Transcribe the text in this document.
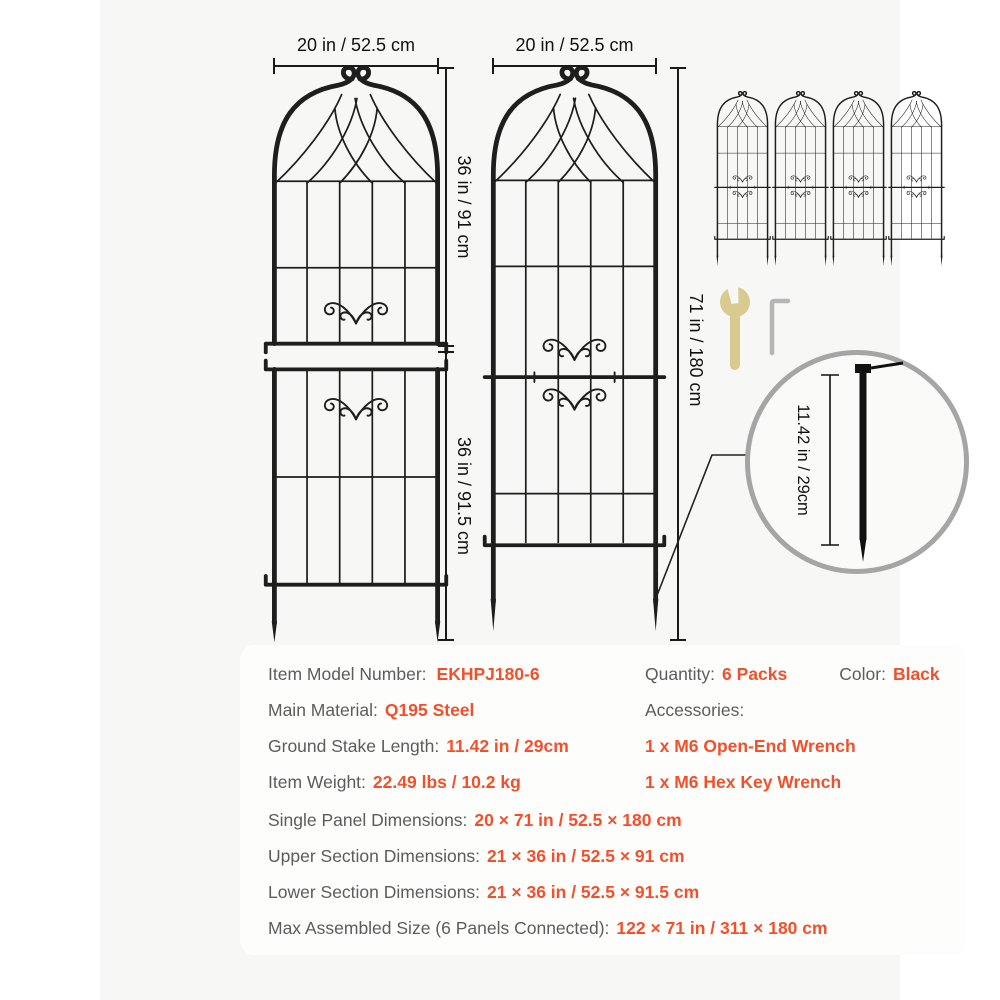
20 in / 52.5 cm	20 in / 52.5 cm
36 in / 91 cm
36 in / 91.5 cm
71 in / 180 cm
11.42 in / 29cm
Item Model Number: EKHPJ180-6
Main Material: Q195 Steel
Ground Stake Length: 11.42 in / 29cm
Item Weight: 22.49 lbs / 10.2 kg
Quantity: 6 Packs	Color: Black
Accessories:
1 x M6 Open-End Wrench
1 x M6 Hex Key Wrench
Single Panel Dimensions: 20 × 71 in / 52.5 × 180 cm
Upper Section Dimensions: 21 × 36 in / 52.5 × 91 cm
Lower Section Dimensions: 21 × 36 in / 52.5 × 91.5 cm
Max Assembled Size (6 Panels Connected): 122 × 71 in / 311 × 180 cm
